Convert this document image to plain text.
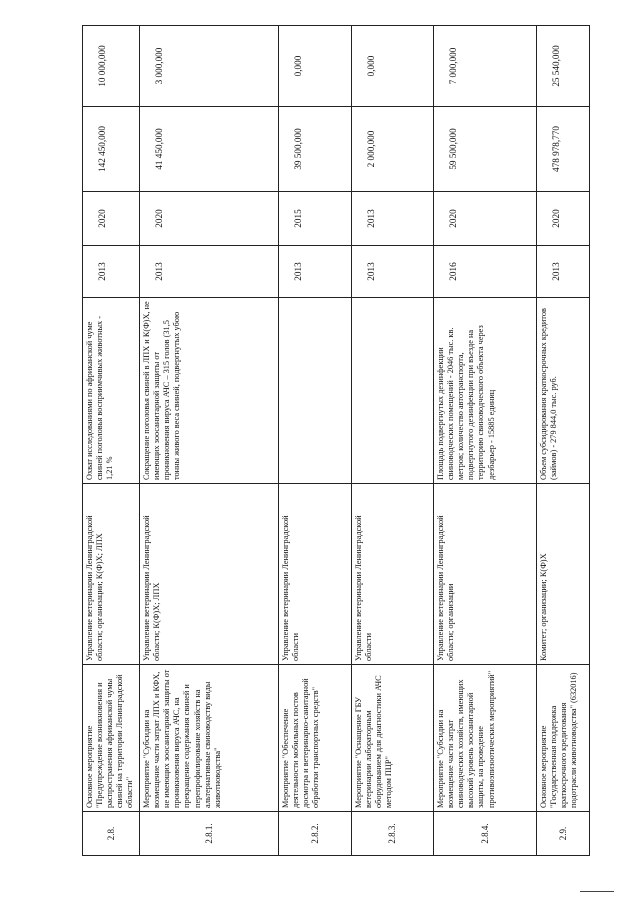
2.8.	Основное мероприятие "Предупреждение возникновения и распространения африканской чумы свиней на территории Ленинградской области"	Управление ветеринарии Ленинградской области; организации; К(Ф)Х; ЛПХ	Охват исследованиями по африканской чуме свиней поголовья восприимчивых животных - 1,21 %	2013	2020	142 450,000	10 000,000
2.8.1.	Мероприятие "Субсидии на возмещение части затрат ЛПХ и КФХ, не имеющих зоосанитарной защиты от проникновения вируса АЧС, на прекращение содержания свиней и перепрофилирование хозяйств на альтернативные свиноводству виды животноводства"	Управление ветеринарии Ленинградской области; К(Ф)Х; ЛПХ	Сокращение поголовья свиней в ЛПХ и К(Ф)Х, не имеющих зоосанитарной защиты от проникновения вируса АЧС – 315 голов (31,5 тонны живого веса свиней, подвергнутых убою	2013	2020	41 450,000	3 000,000
2.8.2.	Мероприятие "Обеспечение деятельности мобильных постов досмотра и ветеринарно-санитарной обработки транспортных средств"	Управление ветеринарии Ленинградской области		2013	2015	39 500,000	0,000
2.8.3.	Мероприятие "Оснащение ГБУ ветеринарии лабораторным оборудованием для диагностики АЧС методом ПЦР"	Управление ветеринарии Ленинградской области		2013	2013	2 000,000	0,000
2.8.4.	Мероприятие "Субсидии на возмещение части затрат свиноводческих хозяйств, имеющих высокий уровень зоосанитарной защиты, на проведение противоэпизоотических мероприятий"	Управление ветеринарии Ленинградской области; организации	Площадь подвергнутых дезинфекции свиноводческих помещений - 2046 тыс. кв. метров; количество автотранспорта, подвергнутого дезинфекции при въезде на территорию свиноводческого объекта через дезбарьер - 15885 единиц	2016	2020	59 500,000	7 000,000
2.9.	Основное мероприятие "Государственная поддержка краткосрочного кредитования подотрасли животноводства" (632016)	Комитет; организации; К(Ф)Х	Объем субсидирования краткосрочных кредитов (займов) - 279 844,0 тыс. руб.	2013	2020	478 978,770	25 540,000
